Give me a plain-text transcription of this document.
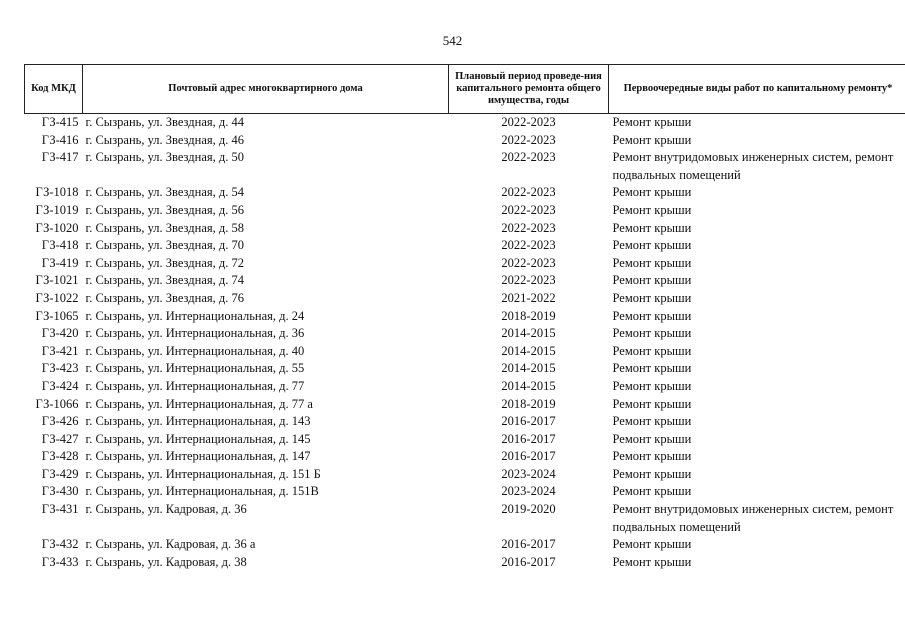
542
Код МКД	Почтовый адрес многоквартирного дома	Плановый период проведе-ния капитального ремонта общего имущества, годы	Первоочередные виды работ по капитальному ремонту*
ГЗ-415	г. Сызрань, ул. Звездная, д. 44	2022-2023	Ремонт крыши
ГЗ-416	г. Сызрань, ул. Звездная, д. 46	2022-2023	Ремонт крыши
ГЗ-417	г. Сызрань, ул. Звездная, д. 50	2022-2023	Ремонт внутридомовых инженерных систем, ремонт подвальных помещений
ГЗ-1018	г. Сызрань, ул. Звездная, д. 54	2022-2023	Ремонт крыши
ГЗ-1019	г. Сызрань, ул. Звездная, д. 56	2022-2023	Ремонт крыши
ГЗ-1020	г. Сызрань, ул. Звездная, д. 58	2022-2023	Ремонт крыши
ГЗ-418	г. Сызрань, ул. Звездная, д. 70	2022-2023	Ремонт крыши
ГЗ-419	г. Сызрань, ул. Звездная, д. 72	2022-2023	Ремонт крыши
ГЗ-1021	г. Сызрань, ул. Звездная, д. 74	2022-2023	Ремонт крыши
ГЗ-1022	г. Сызрань, ул. Звездная, д. 76	2021-2022	Ремонт крыши
ГЗ-1065	г. Сызрань, ул. Интернациональная, д. 24	2018-2019	Ремонт крыши
ГЗ-420	г. Сызрань, ул. Интернациональная, д. 36	2014-2015	Ремонт крыши
ГЗ-421	г. Сызрань, ул. Интернациональная, д. 40	2014-2015	Ремонт крыши
ГЗ-423	г. Сызрань, ул. Интернациональная, д. 55	2014-2015	Ремонт крыши
ГЗ-424	г. Сызрань, ул. Интернациональная, д. 77	2014-2015	Ремонт крыши
ГЗ-1066	г. Сызрань, ул. Интернациональная, д. 77 а	2018-2019	Ремонт крыши
ГЗ-426	г. Сызрань, ул. Интернациональная, д. 143	2016-2017	Ремонт крыши
ГЗ-427	г. Сызрань, ул. Интернациональная, д. 145	2016-2017	Ремонт крыши
ГЗ-428	г. Сызрань, ул. Интернациональная, д. 147	2016-2017	Ремонт крыши
ГЗ-429	г. Сызрань, ул. Интернациональная, д. 151 Б	2023-2024	Ремонт крыши
ГЗ-430	г. Сызрань, ул. Интернациональная, д. 151В	2023-2024	Ремонт крыши
ГЗ-431	г. Сызрань, ул. Кадровая, д. 36	2019-2020	Ремонт внутридомовых инженерных систем, ремонт подвальных помещений
ГЗ-432	г. Сызрань, ул. Кадровая, д. 36 а	2016-2017	Ремонт крыши
ГЗ-433	г. Сызрань, ул. Кадровая, д. 38	2016-2017	Ремонт крыши
